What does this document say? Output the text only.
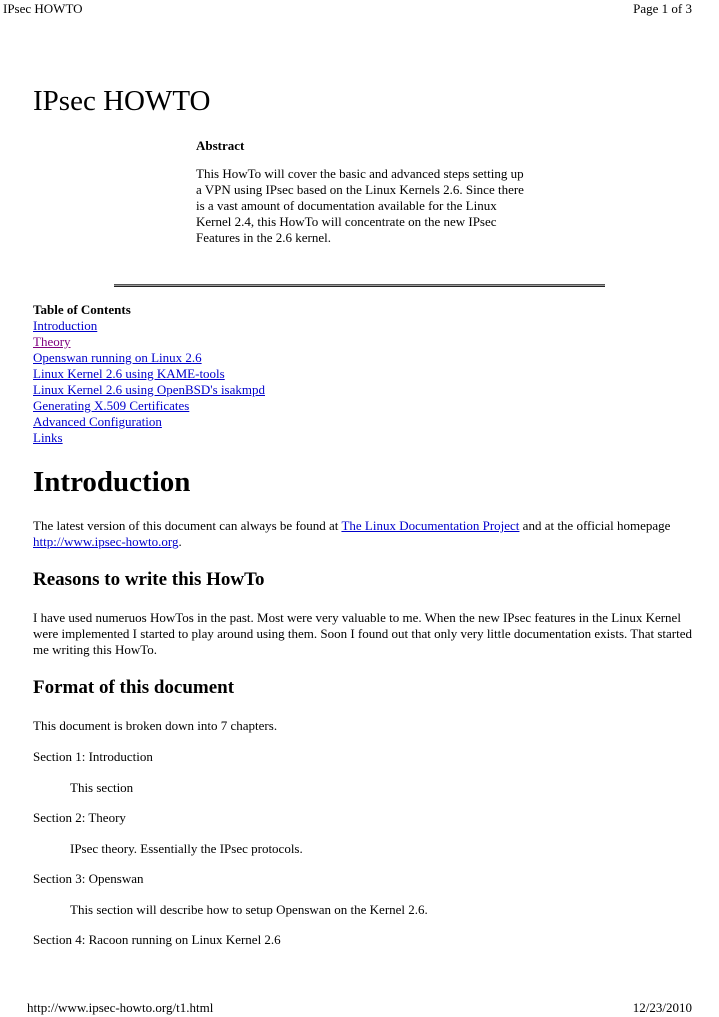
IPsec HOWTO	Page 1 of 3
IPsec HOWTO
Abstract

This HowTo will cover the basic and advanced steps setting up a VPN using IPsec based on the Linux Kernels 2.6. Since there is a vast amount of documentation available for the Linux Kernel 2.4, this HowTo will concentrate on the new IPsec Features in the 2.6 kernel.

Table of Contents
Introduction
Theory
Openswan running on Linux 2.6
Linux Kernel 2.6 using KAME-tools
Linux Kernel 2.6 using OpenBSD's isakmpd
Generating X.509 Certificates
Advanced Configuration
Links
Introduction

The latest version of this document can always be found at The Linux Documentation Project and at the official homepage http://www.ipsec-howto.org.

Reasons to write this HowTo

I have used numeruos HowTos in the past. Most were very valuable to me. When the new IPsec features in the Linux Kernel were implemented I started to play around using them. Soon I found out that only very little documentation exists. That started me writing this HowTo.

Format of this document

This document is broken down into 7 chapters.

Section 1: Introduction

This section

Section 2: Theory

IPsec theory. Essentially the IPsec protocols.

Section 3: Openswan

This section will describe how to setup Openswan on the Kernel 2.6.

Section 4: Racoon running on Linux Kernel 2.6

http://www.ipsec-howto.org/t1.html	12/23/2010
